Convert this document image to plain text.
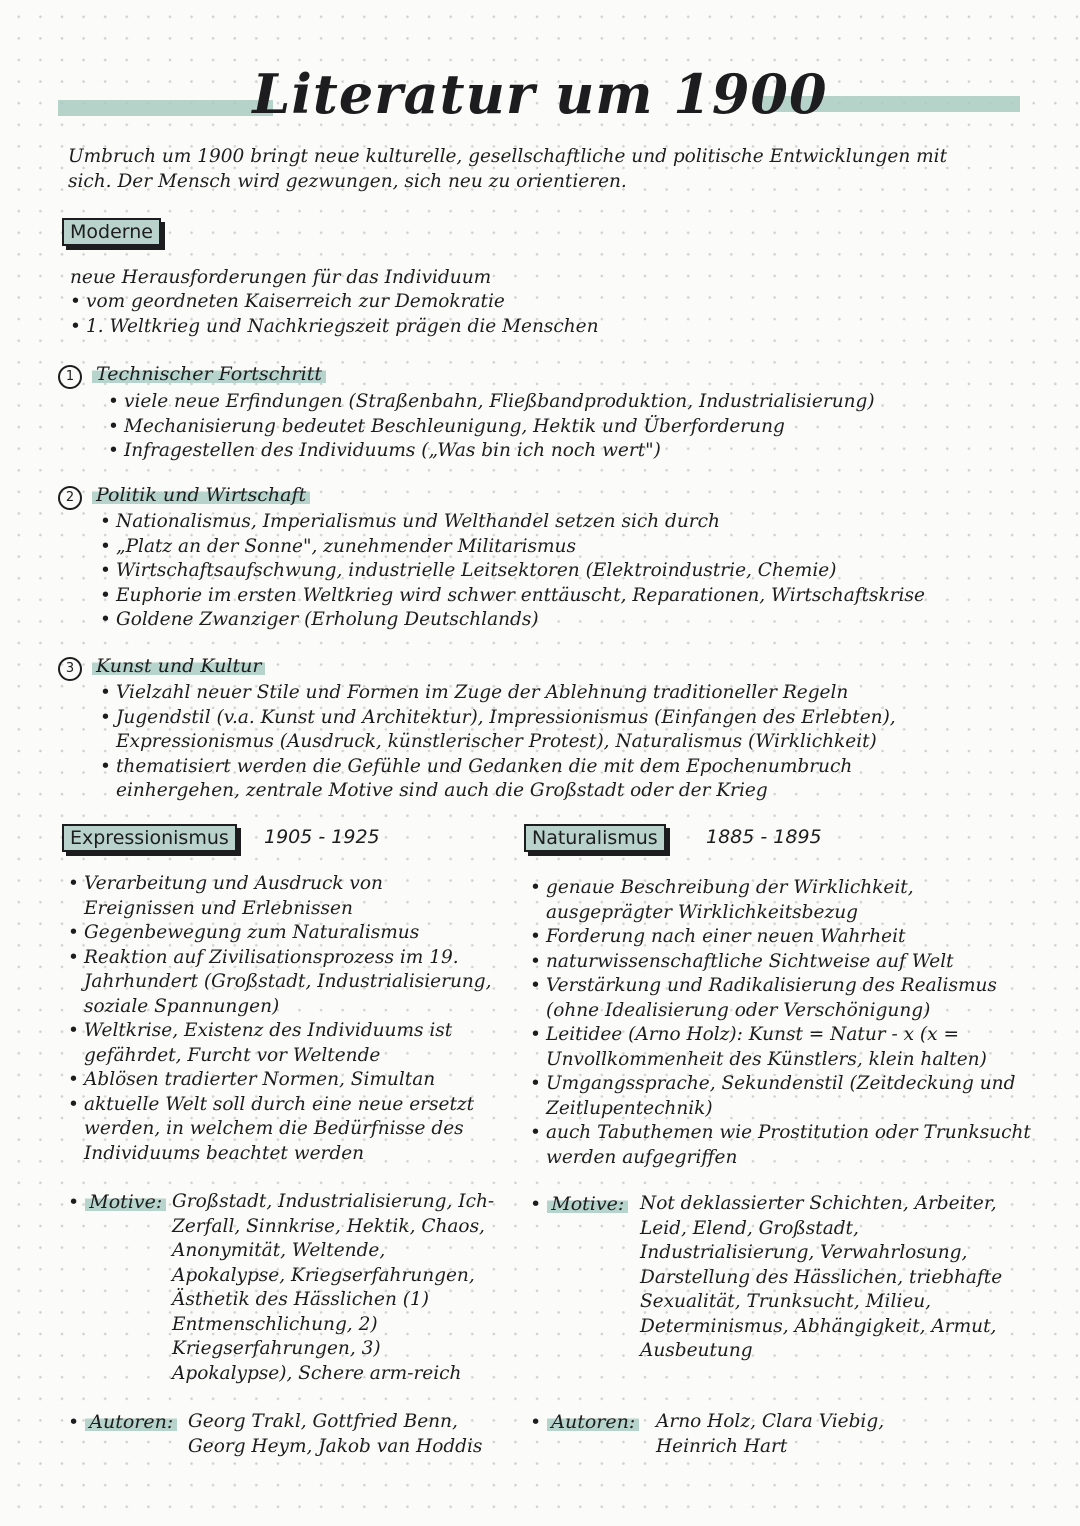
Literatur um 1900
Umbruch um 1900 bringt neue kulturelle, gesellschaftliche und politische Entwicklungen mit sich. Der Mensch wird gezwungen, sich neu zu orientieren.
Moderne
neue Herausforderungen für das Individuum
• vom geordneten Kaiserreich zur Demokratie
• 1. Weltkrieg und Nachkriegszeit prägen die Menschen
1	Technischer Fortschritt
• viele neue Erfindungen (Straßenbahn, Fließbandproduktion, Industrialisierung)
• Mechanisierung bedeutet Beschleunigung, Hektik und Überforderung
• Infragestellen des Individuums („Was bin ich noch wert")
2	Politik und Wirtschaft
• Nationalismus, Imperialismus und Welthandel setzen sich durch
• „Platz an der Sonne", zunehmender Militarismus
• Wirtschaftsaufschwung, industrielle Leitsektoren (Elektroindustrie, Chemie)
• Euphorie im ersten Weltkrieg wird schwer enttäuscht, Reparationen, Wirtschaftskrise
• Goldene Zwanziger (Erholung Deutschlands)
3	Kunst und Kultur
• Vielzahl neuer Stile und Formen im Zuge der Ablehnung traditioneller Regeln
• Jugendstil (v.a. Kunst und Architektur), Impressionismus (Einfangen des Erlebten), Expressionismus (Ausdruck, künstlerischer Protest), Naturalismus (Wirklichkeit)
• thematisiert werden die Gefühle und Gedanken die mit dem Epochenumbruch einhergehen, zentrale Motive sind auch die Großstadt oder der Krieg
Expressionismus	1905 - 1925
• Verarbeitung und Ausdruck von Ereignissen und Erlebnissen
• Gegenbewegung zum Naturalismus
• Reaktion auf Zivilisationsprozess im 19. Jahrhundert (Großstadt, Industrialisierung, soziale Spannungen)
• Weltkrise, Existenz des Individuums ist gefährdet, Furcht vor Weltende
• Ablösen tradierter Normen, Simultan
• aktuelle Welt soll durch eine neue ersetzt werden, in welchem die Bedürfnisse des Individuums beachtet werden
• Motive: Großstadt, Industrialisierung, Ich-Zerfall, Sinnkrise, Hektik, Chaos, Anonymität, Weltende, Apokalypse, Kriegserfahrungen, Ästhetik des Hässlichen (1) Entmenschlichung, 2) Kriegserfahrungen, 3) Apokalypse), Schere arm-reich
• Autoren: Georg Trakl, Gottfried Benn, Georg Heym, Jakob van Hoddis
Naturalismus	1885 - 1895
• genaue Beschreibung der Wirklichkeit, ausgeprägter Wirklichkeitsbezug
• Forderung nach einer neuen Wahrheit
• naturwissenschaftliche Sichtweise auf Welt
• Verstärkung und Radikalisierung des Realismus (ohne Idealisierung oder Verschönigung)
• Leitidee (Arno Holz): Kunst = Natur - x (x = Unvollkommenheit des Künstlers, klein halten)
• Umgangssprache, Sekundenstil (Zeitdeckung und Zeitlupentechnik)
• auch Tabuthemen wie Prostitution oder Trunksucht werden aufgegriffen
• Motive: Not deklassierter Schichten, Arbeiter, Leid, Elend, Großstadt, Industrialisierung, Verwahrlosung, Darstellung des Hässlichen, triebhafte Sexualität, Trunksucht, Milieu, Determinismus, Abhängigkeit, Armut, Ausbeutung
• Autoren: Arno Holz, Clara Viebig, Heinrich Hart
